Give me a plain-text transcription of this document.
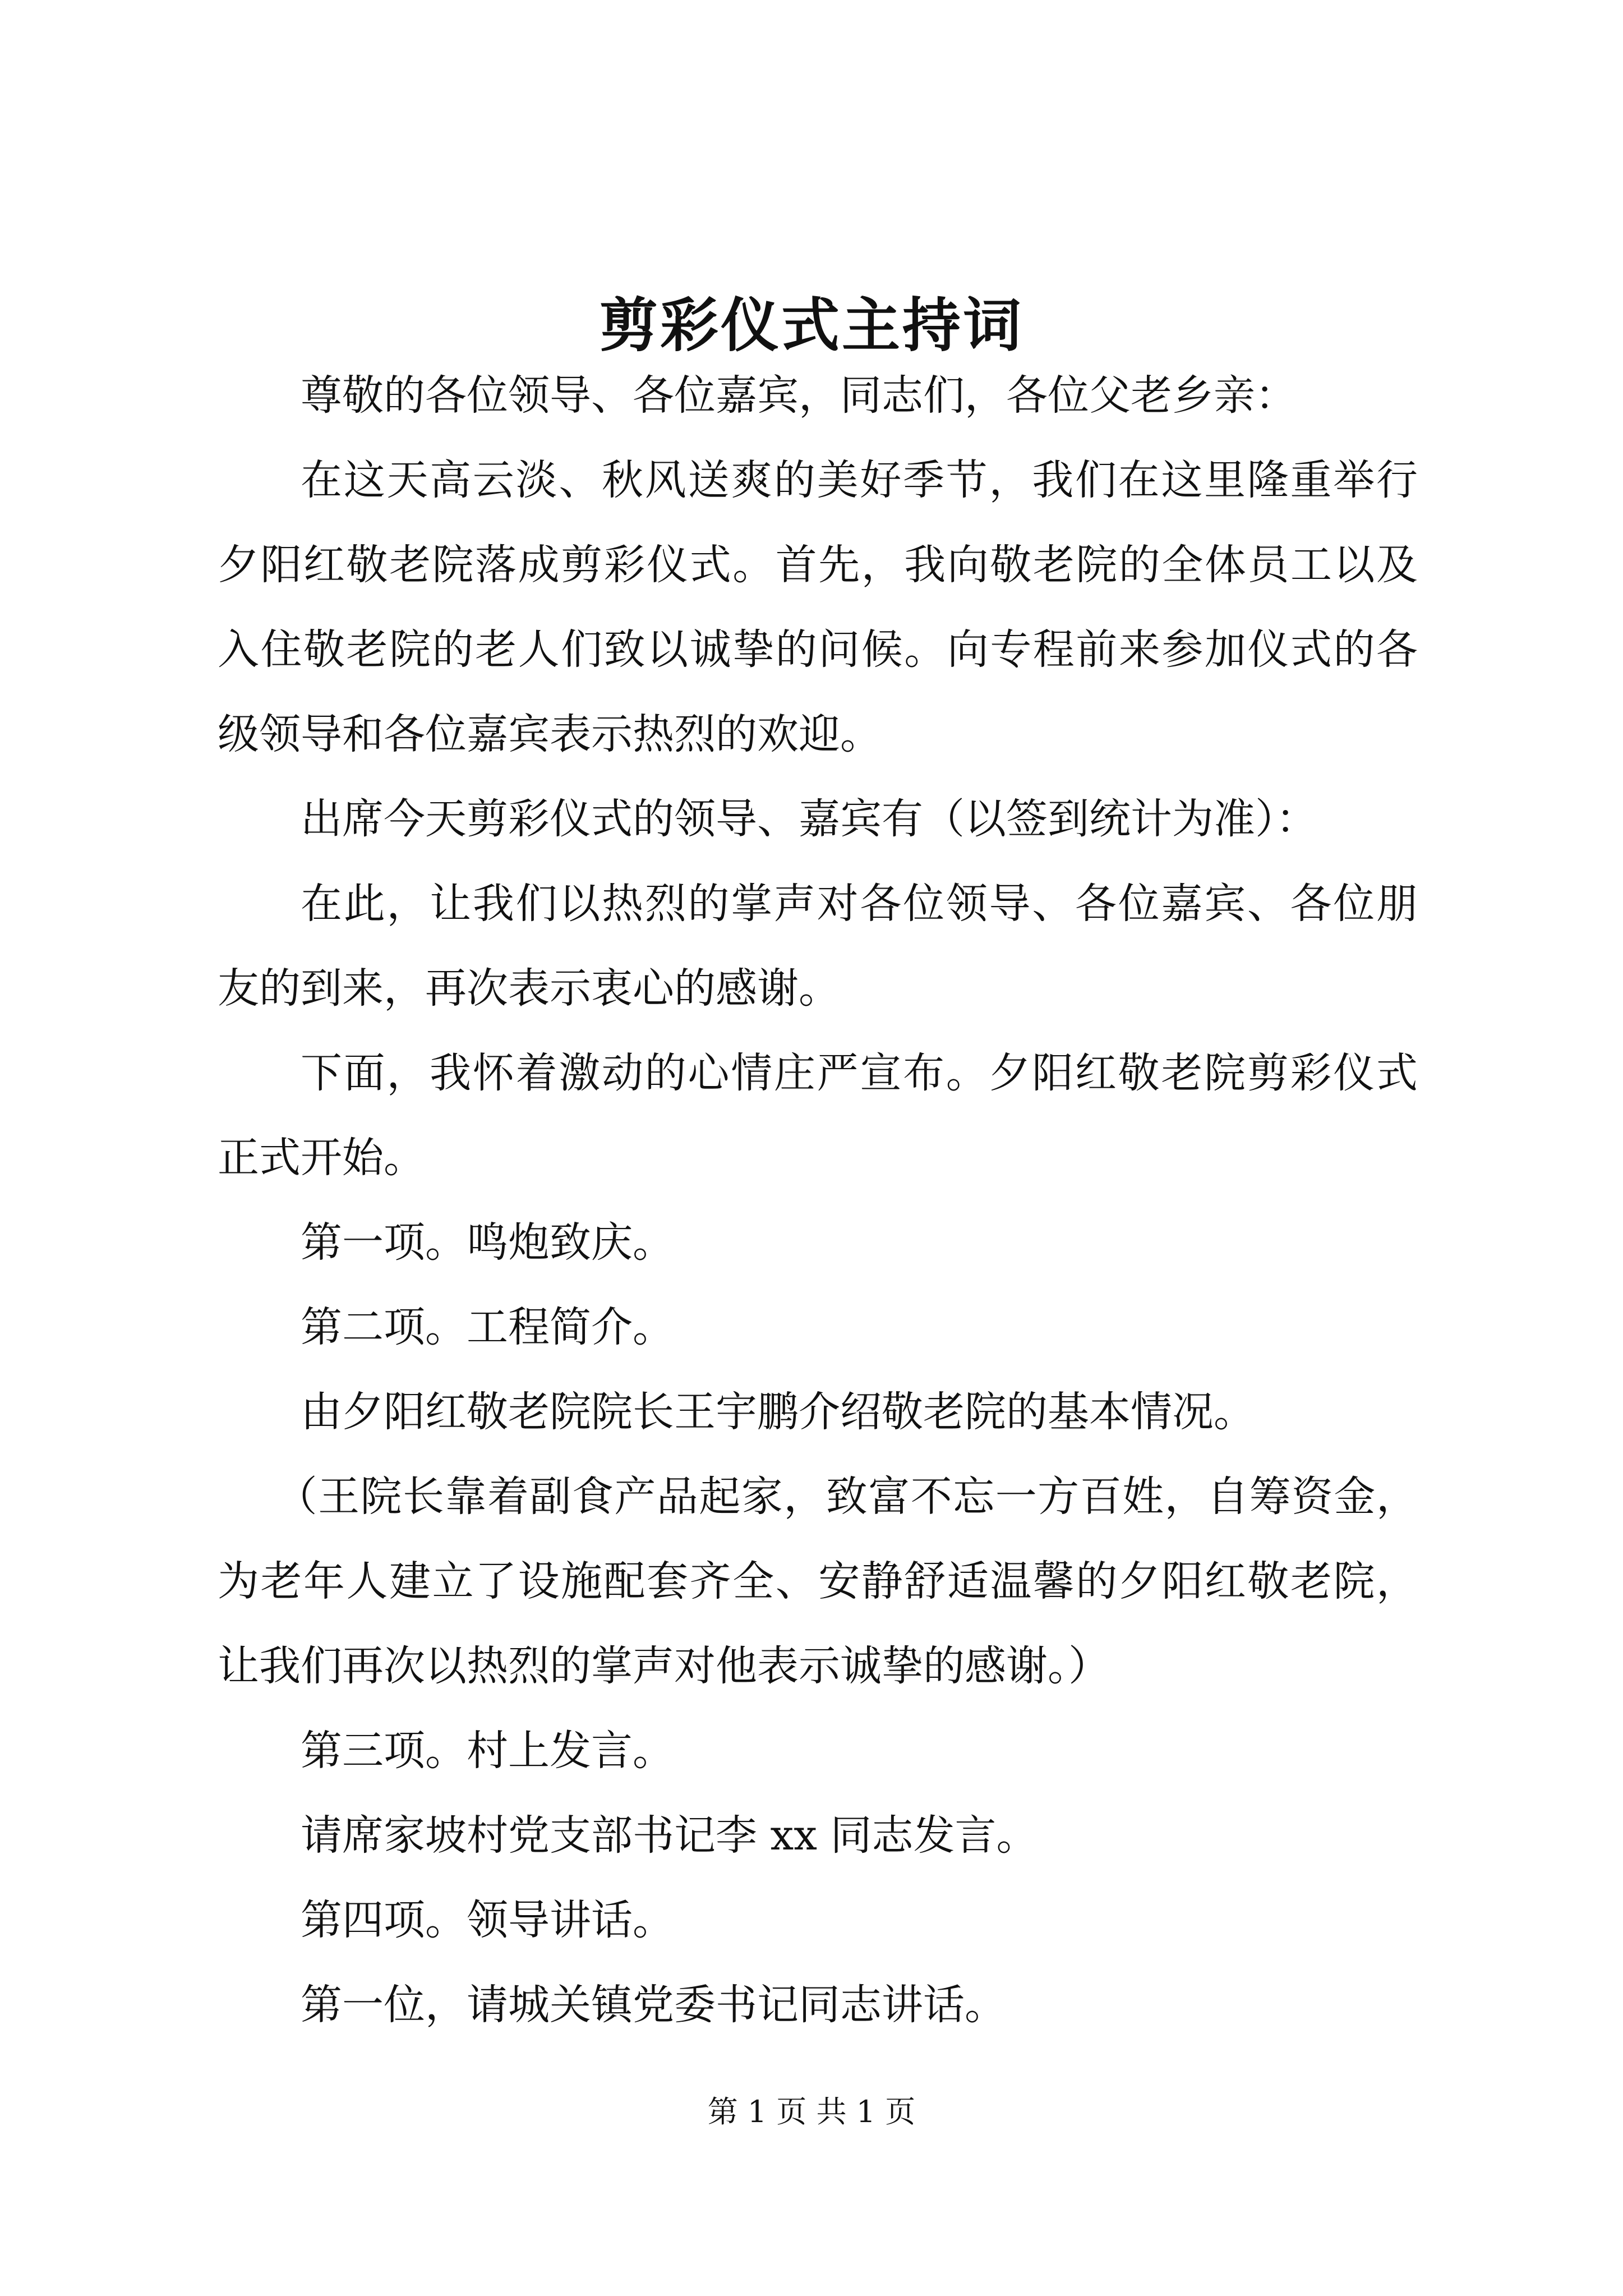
剪彩仪式主持词

尊敬的各位领导、各位嘉宾，同志们，各位父老乡亲：

在这天高云淡、秋风送爽的美好季节，我们在这里隆重举行夕阳红敬老院落成剪彩仪式。首先，我向敬老院的全体员工以及入住敬老院的老人们致以诚挚的问候。向专程前来参加仪式的各级领导和各位嘉宾表示热烈的欢迎。

出席今天剪彩仪式的领导、嘉宾有（以签到统计为准）：

在此，让我们以热烈的掌声对各位领导、各位嘉宾、各位朋友的到来，再次表示衷心的感谢。

下面，我怀着激动的心情庄严宣布。夕阳红敬老院剪彩仪式正式开始。

第一项。鸣炮致庆。

第二项。工程简介。

由夕阳红敬老院院长王宇鹏介绍敬老院的基本情况。

（王院长靠着副食产品起家，致富不忘一方百姓，自筹资金，为老年人建立了设施配套齐全、安静舒适温馨的夕阳红敬老院，让我们再次以热烈的掌声对他表示诚挚的感谢。）

第三项。村上发言。

请席家坡村党支部书记李 xx 同志发言。

第四项。领导讲话。

第一位，请城关镇党委书记同志讲话。

第 1 页 共 1 页
